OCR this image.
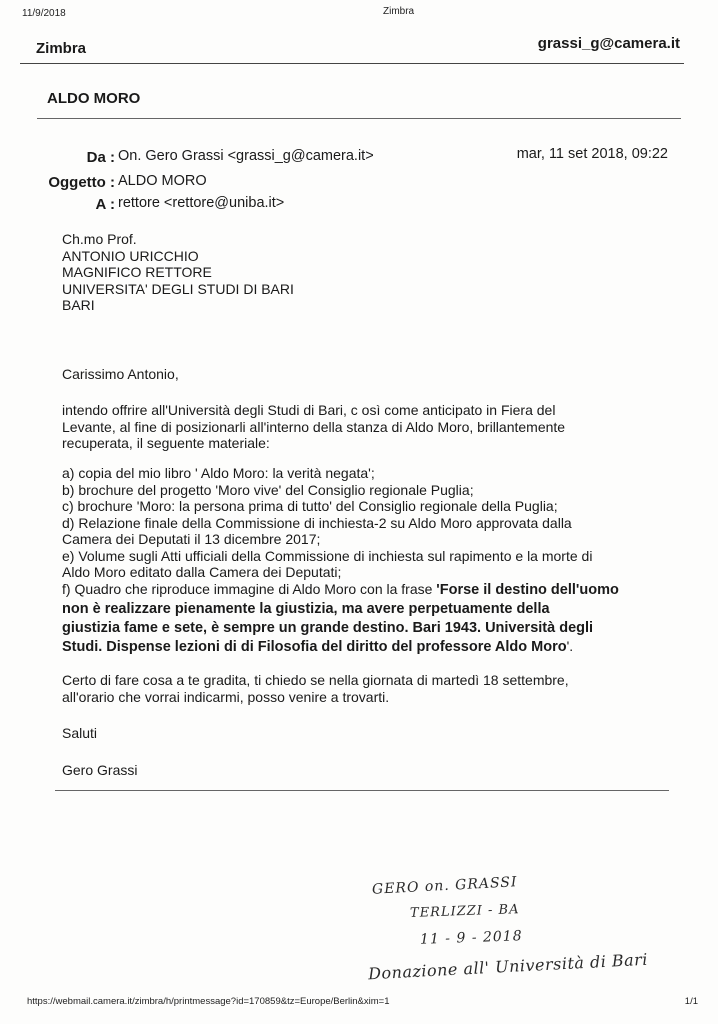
11/9/2018	Zimbra
Zimbra	grassi_g@camera.it
ALDO MORO
Da : On. Gero Grassi <grassi_g@camera.it>	mar, 11 set 2018, 09:22
Oggetto : ALDO MORO
A : rettore <rettore@uniba.it>
Ch.mo Prof.
ANTONIO URICCHIO
MAGNIFICO RETTORE
UNIVERSITA' DEGLI STUDI DI BARI
BARI
Carissimo Antonio,
intendo offrire all'Università degli Studi di Bari, c osì come anticipato in Fiera del
Levante, al fine di posizionarli all'interno della stanza di Aldo Moro, brillantemente
recuperata, il seguente materiale:
a) copia del mio libro ' Aldo Moro: la verità negata';
b) brochure del progetto 'Moro vive' del Consiglio regionale Puglia;
c) brochure 'Moro: la persona prima di tutto' del Consiglio regionale della Puglia;
d) Relazione finale della Commissione di inchiesta-2 su Aldo Moro approvata dalla
Camera dei Deputati il 13 dicembre 2017;
e) Volume sugli Atti ufficiali della Commissione di inchiesta sul rapimento e la morte di
Aldo Moro editato dalla Camera dei Deputati;
f) Quadro che riproduce immagine di Aldo Moro con la frase 'Forse il destino dell'uomo
non è realizzare pienamente la giustizia, ma avere perpetuamente della
giustizia fame e sete, è sempre un grande destino. Bari 1943. Università degli
Studi. Dispense lezioni di di Filosofia del diritto del professore Aldo Moro'.
Certo di fare cosa a te gradita, ti chiedo se nella giornata di martedì 18 settembre,
all'orario che vorrai indicarmi, posso venire a trovarti.
Saluti
Gero Grassi
GERO on. GRASSI
TERLIZZI - BA
11 - 9 - 2018
Donazione all' Università di Bari
https://webmail.camera.it/zimbra/h/printmessage?id=170859&tz=Europe/Berlin&xim=1	1/1
